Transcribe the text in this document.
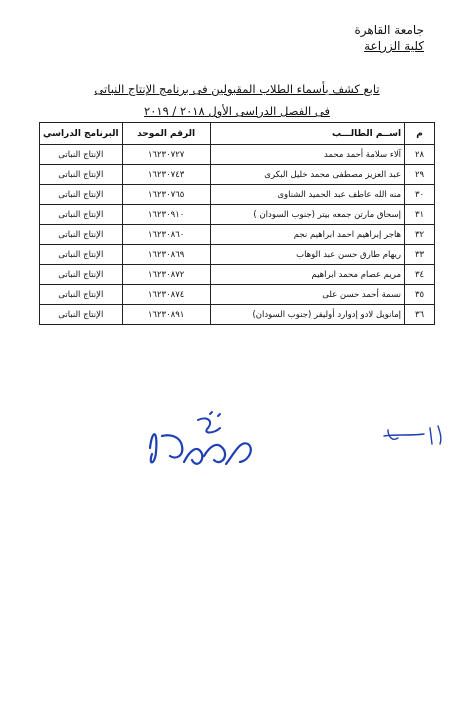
جامعة القاهرة
كلية الزراعة
تابع كشف بأسماء الطلاب المقبولين فى برنامج الإنتاج النباتى
فى الفصل الدراسى الأول ٢٠١٨ / ٢٠١٩
م	اســم الطالـــب	الرقم الموحد	البرنامج الدراسي
٢٨	آلاء سلامة أحمد محمد	١٦٢٣٠٧٢٧	الإنتاج النباتى
٢٩	عبد العزيز مصطفى محمد خليل البكرى	١٦٢٣٠٧٤٣	الإنتاج النباتى
٣٠	منه الله عاطف عبد الحميد الشناوى	١٦٢٣٠٧٦٥	الإنتاج النباتى
٣١	إسحاق مارتن جمعه بيتر (جنوب السودان )	١٦٢٣٠٩١٠	الإنتاج النباتى
٣٢	هاجر إبراهيم احمد ابراهيم نجم	١٦٢٣٠٨٦٠	الإنتاج النباتى
٣٣	ريهام طارق حسن عبد الوهاب	١٦٢٣٠٨٦٩	الإنتاج النباتى
٣٤	مريم عصام محمد ابراهيم	١٦٢٣٠٨٧٢	الإنتاج النباتى
٣٥	نسمة أحمد حسن على	١٦٢٣٠٨٧٤	الإنتاج النباتى
٣٦	إمانويل لادو إدوارد أوليفر (جنوب السودان)	١٦٢٣٠٨٩١	الإنتاج النباتى
